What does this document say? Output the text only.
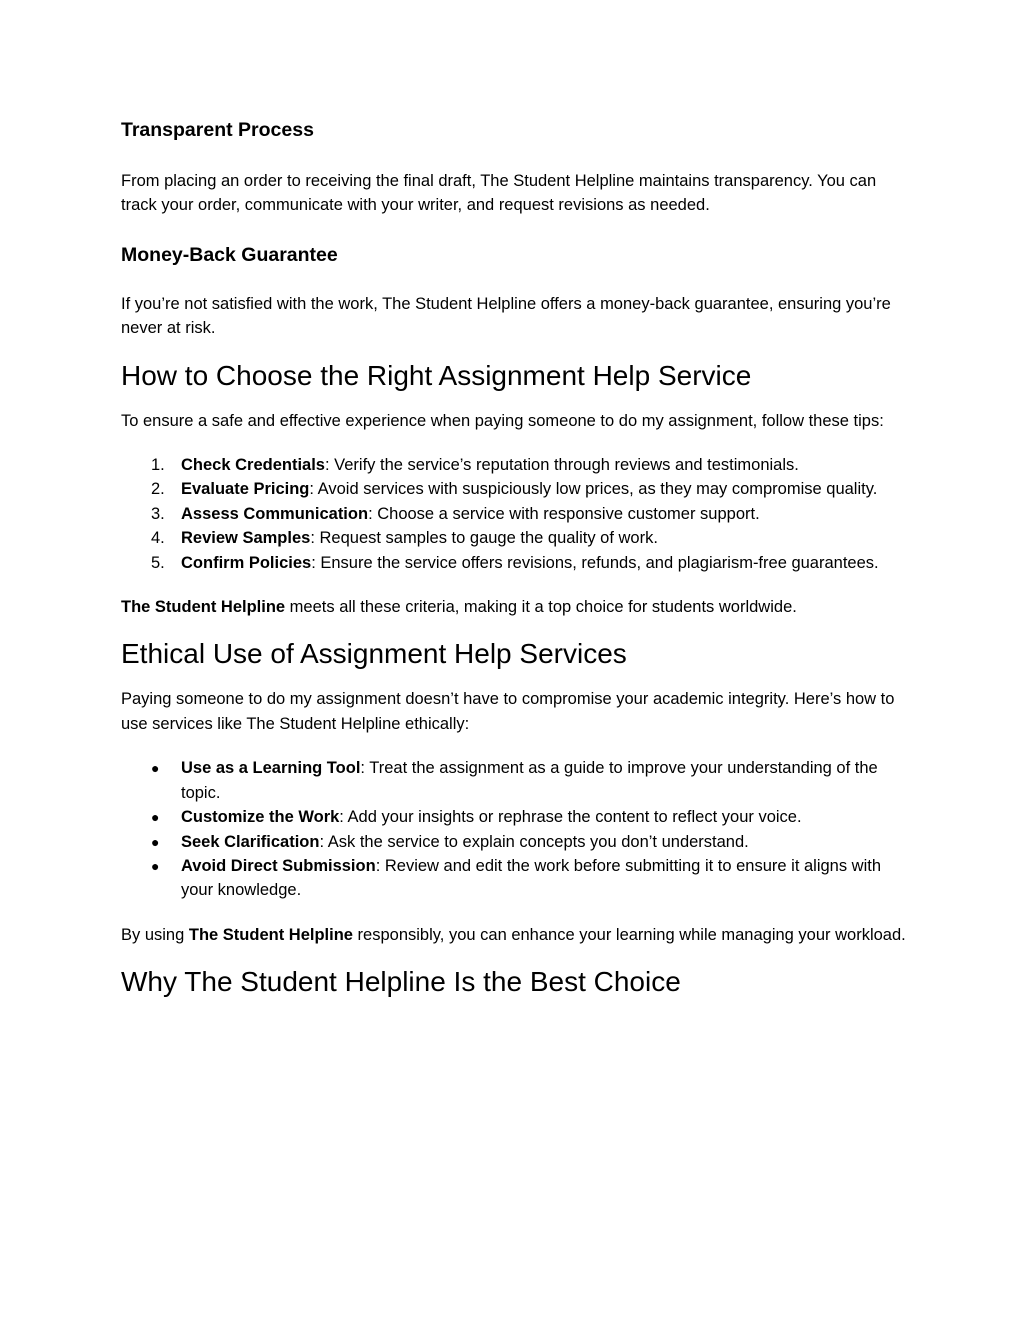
Transparent Process

From placing an order to receiving the final draft, The Student Helpline maintains transparency. You can track your order, communicate with your writer, and request revisions as needed.

Money-Back Guarantee

If you’re not satisfied with the work, The Student Helpline offers a money-back guarantee, ensuring you’re never at risk.

How to Choose the Right Assignment Help Service

To ensure a safe and effective experience when paying someone to do my assignment, follow these tips:

1. Check Credentials: Verify the service’s reputation through reviews and testimonials.
2. Evaluate Pricing: Avoid services with suspiciously low prices, as they may compromise quality.
3. Assess Communication: Choose a service with responsive customer support.
4. Review Samples: Request samples to gauge the quality of work.
5. Confirm Policies: Ensure the service offers revisions, refunds, and plagiarism-free guarantees.

The Student Helpline meets all these criteria, making it a top choice for students worldwide.

Ethical Use of Assignment Help Services

Paying someone to do my assignment doesn’t have to compromise your academic integrity. Here’s how to use services like The Student Helpline ethically:

● Use as a Learning Tool: Treat the assignment as a guide to improve your understanding of the topic.
● Customize the Work: Add your insights or rephrase the content to reflect your voice.
● Seek Clarification: Ask the service to explain concepts you don’t understand.
● Avoid Direct Submission: Review and edit the work before submitting it to ensure it aligns with your knowledge.

By using The Student Helpline responsibly, you can enhance your learning while managing your workload.

Why The Student Helpline Is the Best Choice
